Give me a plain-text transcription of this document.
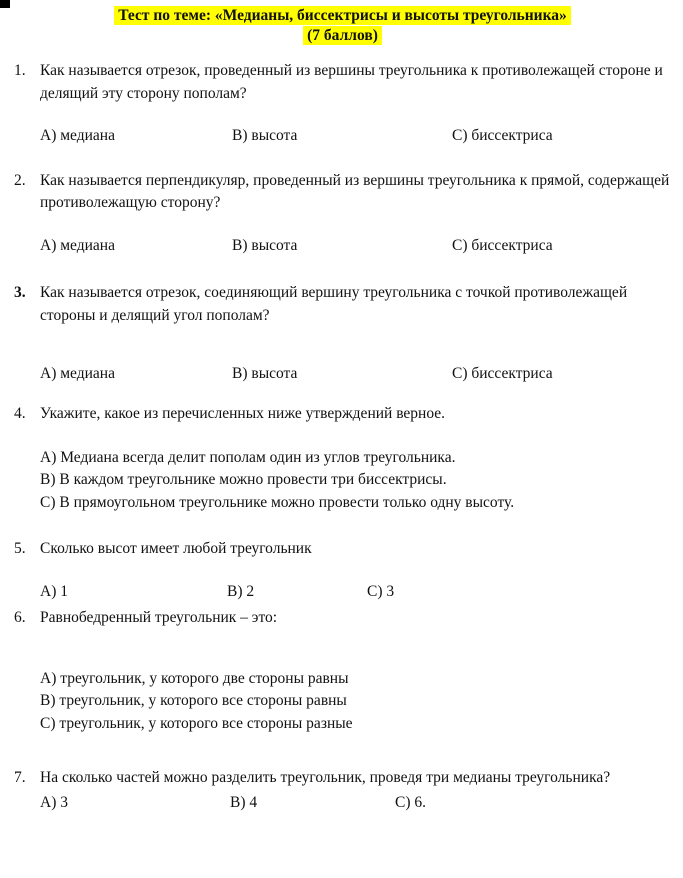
Тест по теме: «Медианы, биссектрисы и высоты треугольника»
(7 баллов)
1. Как называется отрезок, проведенный из вершины треугольника к противолежащей стороне и делящий эту сторону пополам?
А) медиана	В) высота	С) биссектриса
2. Как называется перпендикуляр, проведенный из вершины треугольника к прямой, содержащей противолежащую сторону?
А) медиана	В) высота	С) биссектриса
3. Как называется отрезок, соединяющий вершину треугольника с точкой противолежащей стороны и делящий угол пополам?
А) медиана	В) высота	С) биссектриса
4. Укажите, какое из перечисленных ниже утверждений верное.
А) Медиана всегда делит пополам один из углов треугольника.
В) В каждом треугольнике можно провести три биссектрисы.
С) В прямоугольном треугольнике можно провести только одну высоту.
5. Сколько высот имеет любой треугольник
А) 1	В) 2	С) 3
6. Равнобедренный треугольник – это:
А) треугольник, у которого две стороны равны
В) треугольник, у которого все стороны равны
С) треугольник, у которого все стороны разные
7. На сколько частей можно разделить треугольник, проведя три медианы треугольника?
А) 3	В) 4	С) 6.
